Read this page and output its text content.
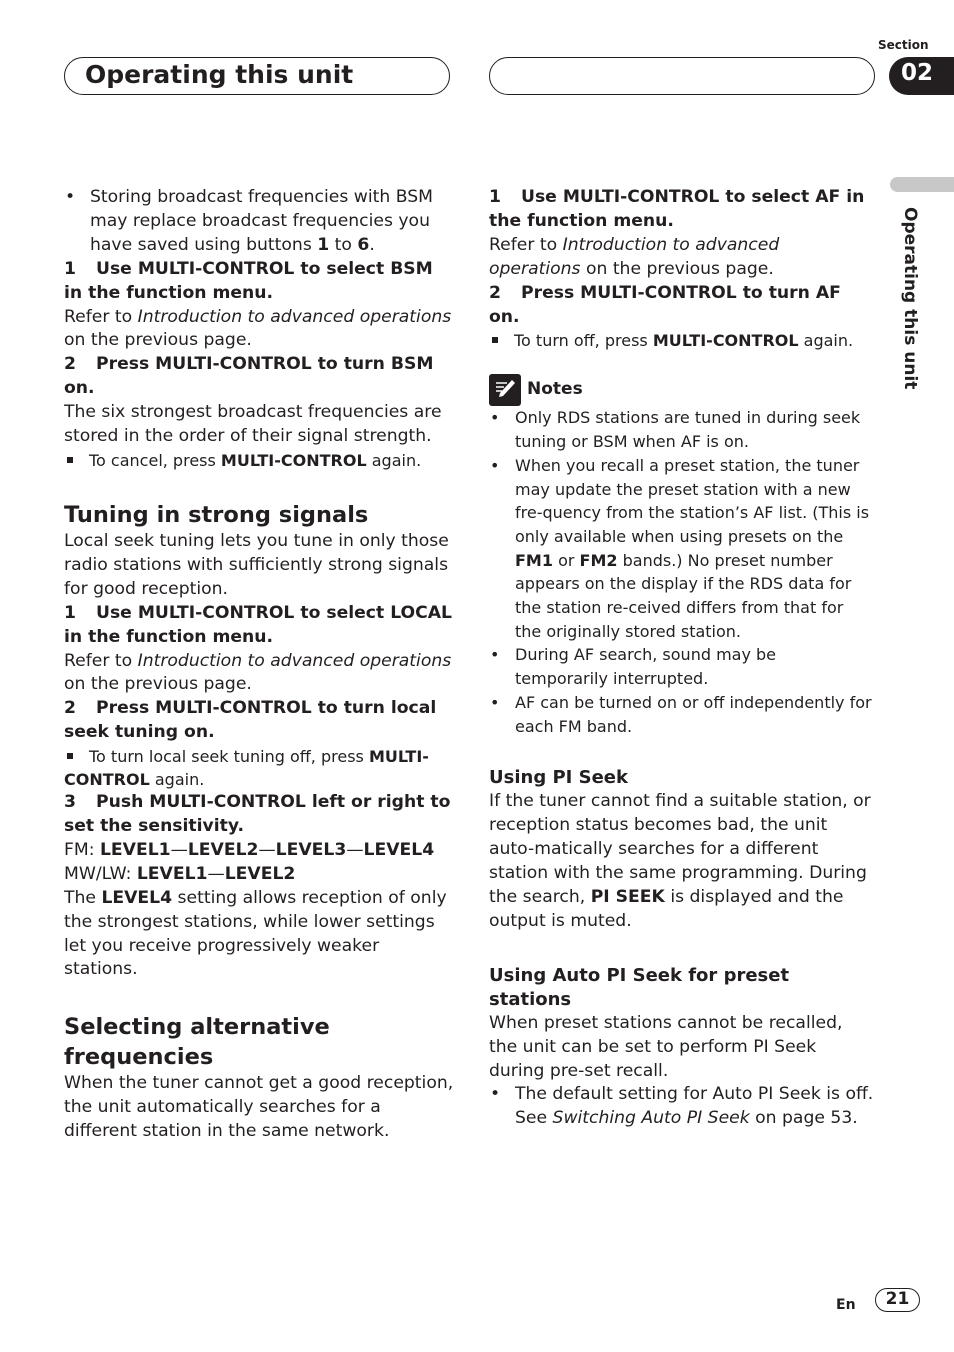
Operating this unit
Section
02
Operating this unit

• Storing broadcast frequencies with BSM may replace broadcast frequencies you have saved using buttons 1 to 6.

1 Use MULTI-CONTROL to select BSM in the function menu.

Refer to Introduction to advanced operations on the previous page.

2 Press MULTI-CONTROL to turn BSM on.

The six strongest broadcast frequencies are stored in the order of their signal strength.

To cancel, press MULTI-CONTROL again.

Tuning in strong signals

Local seek tuning lets you tune in only those radio stations with sufficiently strong signals for good reception.

1 Use MULTI-CONTROL to select LOCAL in the function menu.

Refer to Introduction to advanced operations on the previous page.

2 Press MULTI-CONTROL to turn local seek tuning on.

To turn local seek tuning off, press MULTI-CONTROL again.

3 Push MULTI-CONTROL left or right to set the sensitivity.

FM: LEVEL1—LEVEL2—LEVEL3—LEVEL4

MW/LW: LEVEL1—LEVEL2

The LEVEL4 setting allows reception of only the strongest stations, while lower settings let you receive progressively weaker stations.

Selecting alternative frequencies

When the tuner cannot get a good reception, the unit automatically searches for a different station in the same network.

1 Use MULTI-CONTROL to select AF in the function menu.

Refer to Introduction to advanced operations on the previous page.

2 Press MULTI-CONTROL to turn AF on.

To turn off, press MULTI-CONTROL again.

Notes

• Only RDS stations are tuned in during seek tuning or BSM when AF is on.

• When you recall a preset station, the tuner may update the preset station with a new fre-quency from the station’s AF list. (This is only available when using presets on the FM1 or FM2 bands.) No preset number appears on the display if the RDS data for the station re-ceived differs from that for the originally stored station.

• During AF search, sound may be temporarily interrupted.

• AF can be turned on or off independently for each FM band.

Using PI Seek

If the tuner cannot find a suitable station, or reception status becomes bad, the unit auto-matically searches for a different station with the same programming. During the search, PI SEEK is displayed and the output is muted.

Using Auto PI Seek for preset stations

When preset stations cannot be recalled, the unit can be set to perform PI Seek during pre-set recall.

• The default setting for Auto PI Seek is off. See Switching Auto PI Seek on page 53.

En	21
